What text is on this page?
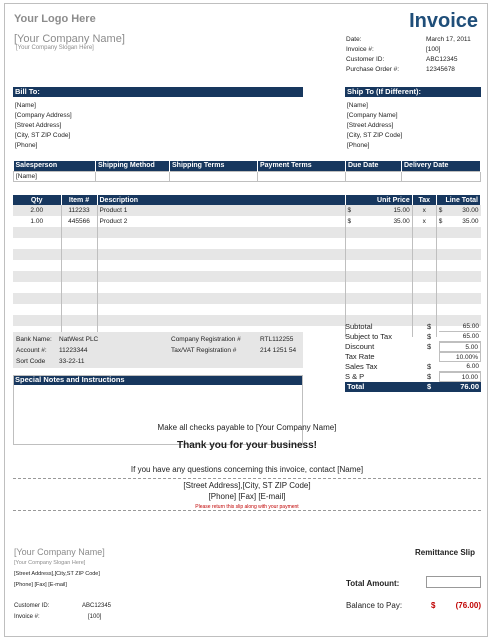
Your Logo Here
[Your Company Name]
[Your Company Slogan Here]
Invoice
Date:	March 17, 2011
Invoice #:	[100]
Customer ID:	ABC12345
Purchase Order #:	12345678
Bill To:
[Name]
[Company Address]
[Street Address]
[City, ST ZIP Code]
[Phone]
Ship To (If Different):
[Name]
[Company Name]
[Street Address]
[City, ST ZIP Code]
[Phone]
Salesperson	Shipping Method	Shipping Terms	Payment Terms	Due Date	Delivery Date
[Name]					
Qty	Item #	Description	Unit Price		Tax	Line Total	
2.00	112233	Product 1	$	15.00	x	$	30.00
1.00	445566	Product 2	$	35.00	x	$	35.00

Bank Name: NatWest PLC
Account #: 11223344
Sort Code 33-22-11
Company Registration #	RTL112255
Tax/VAT Registration #	214 1251 54
Special Notes and Instructions
Subtotal	$	65.00
Subject to Tax	$	65.00
Discount	$	5.00
Tax Rate	10.00%
Sales Tax	$	6.00
S & P	$	10.00
Total	$	76.00
Make all checks payable to [Your Company Name]
Thank you for your business!
If you have any questions concerning this invoice, contact [Name]
[Street Address],[City, ST ZIP Code]
[Phone] [Fax] [E-mail]
Please return this slip along with your payment
[Your Company Name]
[Your Company Slogan Here]
[Street Address],[City,ST ZIP Code]
[Phone] [Fax] [E-mail]
Remittance Slip
Total Amount:
Balance to Pay:	$	(76.00)
Customer ID:	ABC12345
Invoice #:	[100]
